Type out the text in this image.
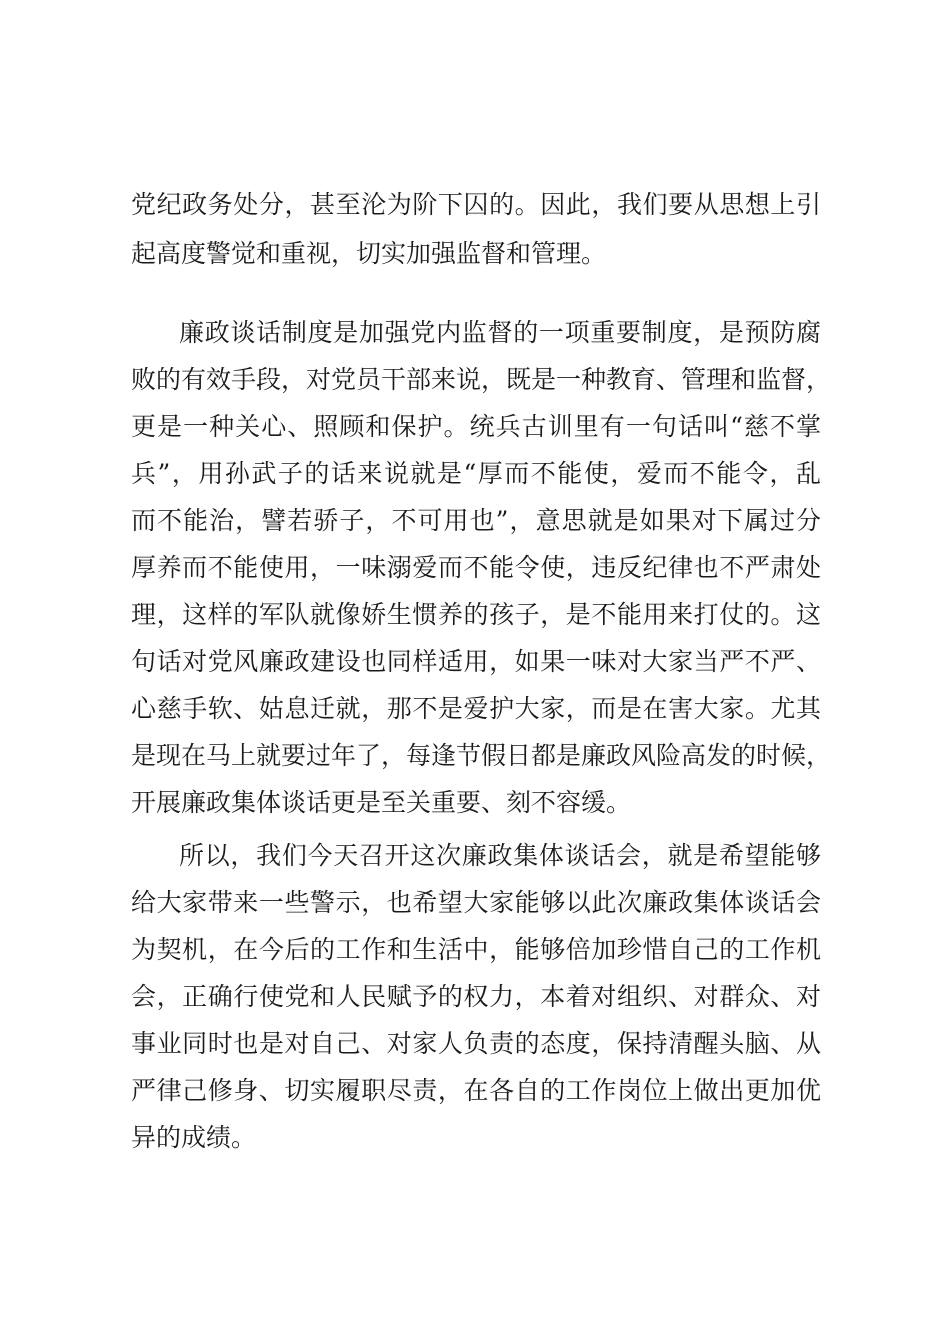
党纪政务处分，甚至沦为阶下囚的。因此，我们要从思想上引
起高度警觉和重视，切实加强监督和管理。
廉政谈话制度是加强党内监督的一项重要制度，是预防腐
败的有效手段，对党员干部来说，既是一种教育、管理和监督，
更是一种关心、照顾和保护。统兵古训里有一句话叫“慈不掌
兵”，用孙武子的话来说就是“厚而不能使，爱而不能令，乱
而不能治，譬若骄子，不可用也”，意思就是如果对下属过分
厚养而不能使用，一味溺爱而不能令使，违反纪律也不严肃处
理，这样的军队就像娇生惯养的孩子，是不能用来打仗的。这
句话对党风廉政建设也同样适用，如果一味对大家当严不严、
心慈手软、姑息迁就，那不是爱护大家，而是在害大家。尤其
是现在马上就要过年了，每逢节假日都是廉政风险高发的时候，
开展廉政集体谈话更是至关重要、刻不容缓。
所以，我们今天召开这次廉政集体谈话会，就是希望能够
给大家带来一些警示，也希望大家能够以此次廉政集体谈话会
为契机，在今后的工作和生活中，能够倍加珍惜自己的工作机
会，正确行使党和人民赋予的权力，本着对组织、对群众、对
事业同时也是对自己、对家人负责的态度，保持清醒头脑、从
严律己修身、切实履职尽责，在各自的工作岗位上做出更加优
异的成绩。
